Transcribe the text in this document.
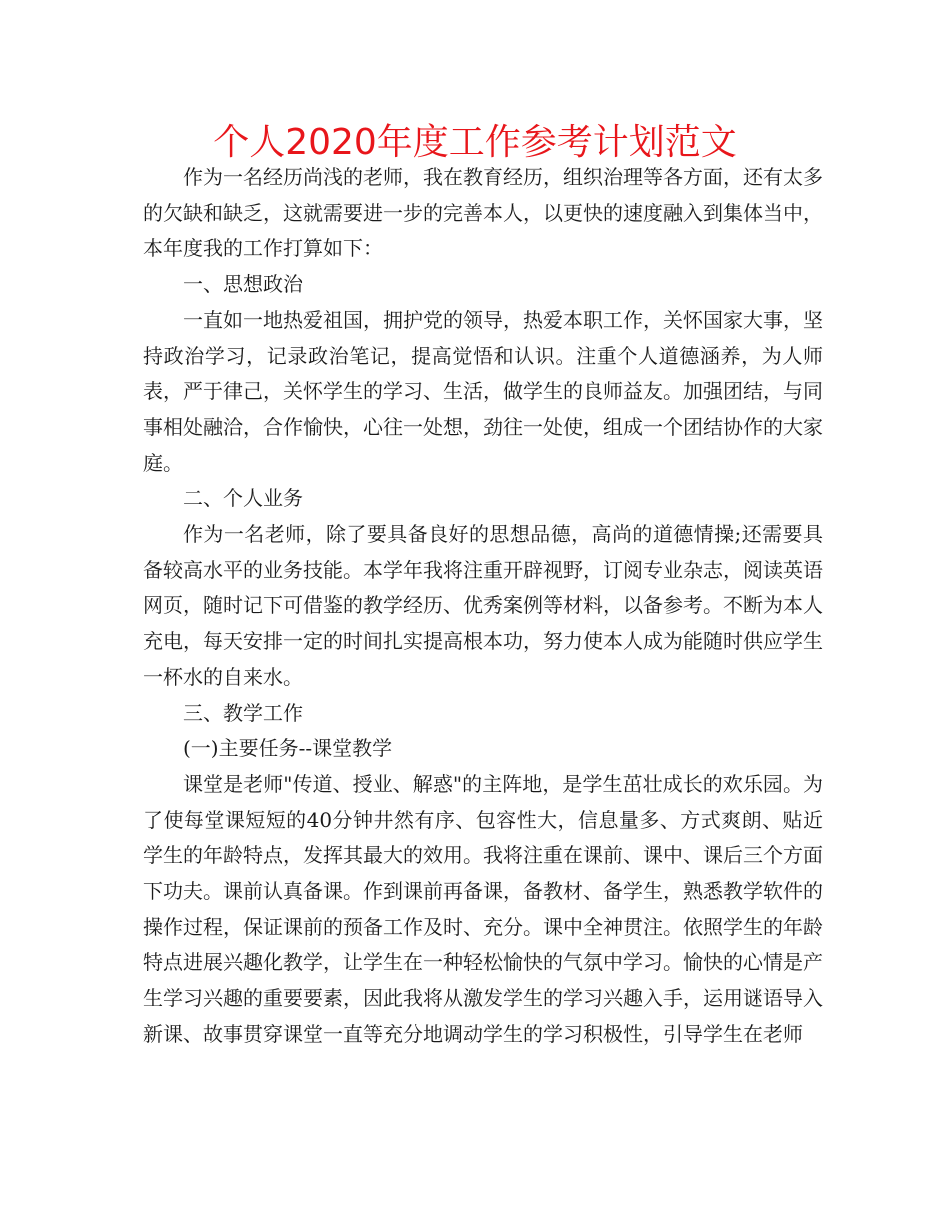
个人2020年度工作参考计划范文

作为一名经历尚浅的老师，我在教育经历，组织治理等各方面，还有太多的欠缺和缺乏，这就需要进一步的完善本人，以更快的速度融入到集体当中，本年度我的工作打算如下：

一、思想政治

一直如一地热爱祖国，拥护党的领导，热爱本职工作，关怀国家大事，坚持政治学习，记录政治笔记，提高觉悟和认识。注重个人道德涵养，为人师表，严于律己，关怀学生的学习、生活，做学生的良师益友。加强团结，与同事相处融洽，合作愉快，心往一处想，劲往一处使，组成一个团结协作的大家庭。

二、个人业务

作为一名老师，除了要具备良好的思想品德，高尚的道德情操;还需要具备较高水平的业务技能。本学年我将注重开辟视野，订阅专业杂志，阅读英语网页，随时记下可借鉴的教学经历、优秀案例等材料，以备参考。不断为本人充电，每天安排一定的时间扎实提高根本功，努力使本人成为能随时供应学生一杯水的自来水。

三、教学工作

(一)主要任务--课堂教学

课堂是老师"传道、授业、解惑"的主阵地，是学生茁壮成长的欢乐园。为了使每堂课短短的40分钟井然有序、包容性大，信息量多、方式爽朗、贴近学生的年龄特点，发挥其最大的效用。我将注重在课前、课中、课后三个方面下功夫。课前认真备课。作到课前再备课，备教材、备学生，熟悉教学软件的操作过程，保证课前的预备工作及时、充分。课中全神贯注。依照学生的年龄特点进展兴趣化教学，让学生在一种轻松愉快的气氛中学习。愉快的心情是产生学习兴趣的重要要素，因此我将从激发学生的学习兴趣入手，运用谜语导入新课、故事贯穿课堂一直等充分地调动学生的学习积极性，引导学生在老师
